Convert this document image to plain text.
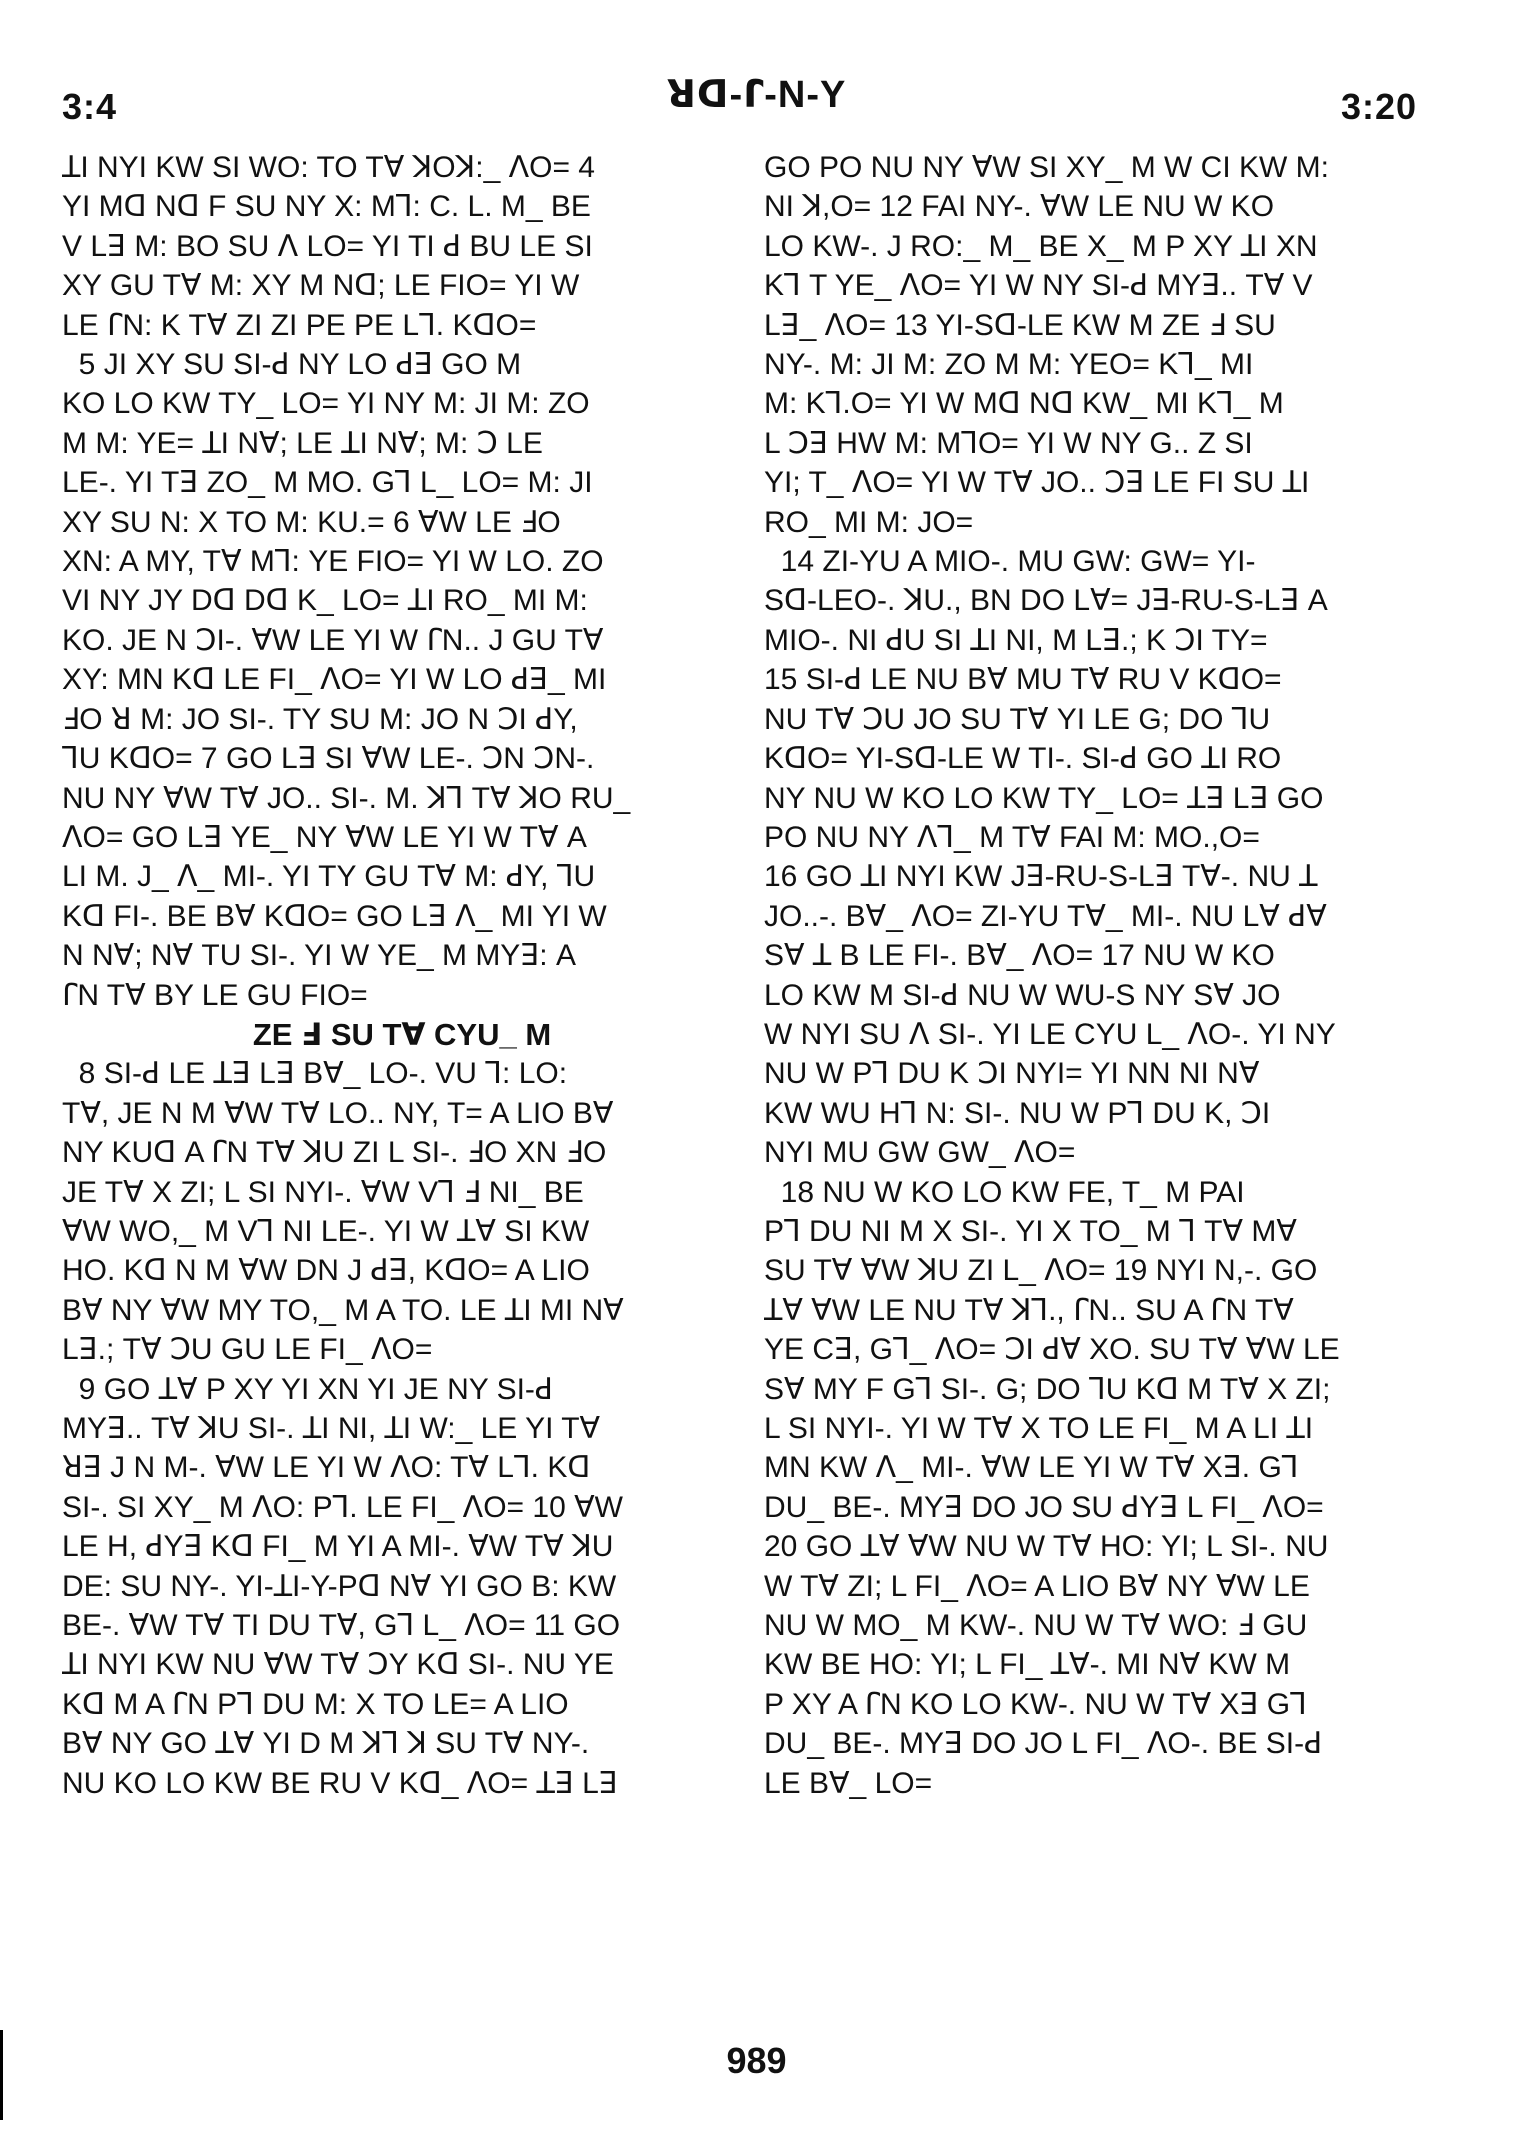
3:4	ꓤꓷ-ꓩ-N-Y	3:20

ꓕI NYI KW SI WO: TO Tꓯ ꓘOꓘ:_ ꓥO= 4

YI Mꓷ Nꓷ F SU NY X: Mꓶ: C. L. M_ BE

V Lꓱ M: BO SU ꓥ LO= YI TI ꓒ BU LE SI

XY GU Tꓯ M: XY M Nꓷ; LE FIO= YI W

LE ꓩN: K Tꓯ ZI ZI PE PE Lꓶ. KꓷO=

5 JI XY SU SI-ꓒ NY LO ꓒꓱ GO M

KO LO KW TY_ LO= YI NY M: JI M: ZO

M M: YE= ꓕI Nꓯ; LE ꓕI Nꓯ; M: Ↄ LE

LE-. YI Tꓱ ZO_ M MO. Gꓶ L_ LO= M: JI

XY SU N: X TO M: KU.= 6 ꓯW LE ꓞO

XN: A MY, Tꓯ Mꓶ: YE FIO= YI W LO. ZO

VI NY JY Dꓷ Dꓷ K_ LO= ꓕI RO_ MI M:

KO. JE N ꓛI-. ꓯW LE YI W ꓩN.. J GU Tꓯ

XY: MN Kꓷ LE FI_ ꓥO= YI W LO ꓒꓱ_ MI

ꓞO ꓤ M: JO SI-. TY SU M: JO N ꓛI ꓒY,

ꓶU KꓷO= 7 GO Lꓱ SI ꓯW LE-. ꓛN ꓛN-.

NU NY ꓯW Tꓯ JO.. SI-. M. ꓘꓶ Tꓯ ꓘO RU_

ꓥO= GO Lꓱ YE_ NY ꓯW LE YI W Tꓯ A

LI M. J_ ꓥ_ MI-. YI TY GU Tꓯ M: ꓒY, ꓶU

Kꓷ FI-. BE Bꓯ KꓷO= GO Lꓱ ꓥ_ MI YI W

N Nꓯ; Nꓯ TU SI-. YI W YE_ M MYꓱ: A

ꓩN Tꓯ BY LE GU FIO=

ZE ꓞ SU Tꓯ CYU_ M

8 SI-ꓒ LE ꓕꓱ Lꓱ Bꓯ_ LO-. VU ꓶ: LO:

Tꓯ, JE N M ꓯW Tꓯ LO.. NY, T= A LIO Bꓯ

NY KUꓷ A ꓩN Tꓯ ꓘU ZI L SI-. ꓞO XN ꓞO

JE Tꓯ X ZI; L SI NYI-. ꓯW Vꓶ ꓞ NI_ BE

ꓯW WO,_ M Vꓶ NI LE-. YI W ꓕꓯ SI KW

HO. Kꓷ N M ꓯW DN J ꓒꓱ, KꓷO= A LIO

Bꓯ NY ꓯW MY TO,_ M A TO. LE ꓕI MI Nꓯ

Lꓱ.; Tꓯ ꓛU GU LE FI_ ꓥO=

9 GO ꓕꓯ P XY YI XN YI JE NY SI-ꓒ

MYꓱ.. Tꓯ ꓘU SI-. ꓕI NI, ꓕI W:_ LE YI Tꓯ

ꓤꓱ J N M-. ꓯW LE YI W ꓥO: Tꓯ Lꓶ. Kꓷ

SI-. SI XY_ M ꓥO: Pꓶ. LE FI_ ꓥO= 10 ꓯW

LE H, ꓒYꓱ Kꓷ FI_ M YI A MI-. ꓯW Tꓯ ꓘU

DE: SU NY-. YI-ꓕI-Y-Pꓷ Nꓯ YI GO B: KW

BE-. ꓯW Tꓯ TI DU Tꓯ, Gꓶ L_ ꓥO= 11 GO

ꓕI NYI KW NU ꓯW Tꓯ ꓛY Kꓷ SI-. NU YE

Kꓷ M A ꓩN Pꓶ DU M: X TO LE= A LIO

Bꓯ NY GO ꓕꓯ YI D M ꓘꓶ ꓘ SU Tꓯ NY-.

NU KO LO KW BE RU V Kꓷ_ ꓥO= ꓕꓱ Lꓱ

GO PO NU NY ꓯW SI XY_ M W CI KW M:

NI ꓘ,O= 12 FAI NY-. ꓯW LE NU W KO

LO KW-. J RO:_ M_ BE X_ M P XY ꓕI XN

Kꓶ T YE_ ꓥO= YI W NY SI-ꓒ MYꓱ.. Tꓯ V

Lꓱ_ ꓥO= 13 YI-Sꓷ-LE KW M ZE ꓞ SU

NY-. M: JI M: ZO M M: YEO= Kꓶ_ MI

M: Kꓶ.O= YI W Mꓷ Nꓷ KW_ MI Kꓶ_ M

L ꓛꓱ HW M: MꓶO= YI W NY G.. Z SI

YI; T_ ꓥO= YI W Tꓯ JO.. ꓛꓱ LE FI SU ꓕI

RO_ MI M: JO=

14 ZI-YU A MIO-. MU GW: GW= YI-

Sꓷ-LEO-. ꓘU., BN DO Lꓯ= Jꓱ-RU-S-Lꓱ A

MIO-. NI ꓒU SI ꓕI NI, M Lꓱ.; K ꓛI TY=

15 SI-ꓒ LE NU Bꓯ MU Tꓯ RU V KꓷO=

NU Tꓯ ꓛU JO SU Tꓯ YI LE G; DO ꓶU

KꓷO= YI-Sꓷ-LE W TI-. SI-ꓒ GO ꓕI RO

NY NU W KO LO KW TY_ LO= ꓕꓱ Lꓱ GO

PO NU NY ꓥꓶ_ M Tꓯ FAI M: MO.,O=

16 GO ꓕI NYI KW Jꓱ-RU-S-Lꓱ Tꓯ-. NU ꓕ

JO..-. Bꓯ_ ꓥO= ZI-YU Tꓯ_ MI-. NU Lꓯ ꓒꓯ

Sꓯ ꓕ B LE FI-. Bꓯ_ ꓥO= 17 NU W KO

LO KW M SI-ꓒ NU W WU-S NY Sꓯ JO

W NYI SU ꓥ SI-. YI LE CYU L_ ꓥO-. YI NY

NU W Pꓶ DU K ꓛI NYI= YI NN NI Nꓯ

KW WU Hꓶ N: SI-. NU W Pꓶ DU K, ꓛI

NYI MU GW GW_ ꓥO=

18 NU W KO LO KW FE, T_ M PAI

Pꓶ DU NI M X SI-. YI X TO_ M ꓶ Tꓯ Mꓯ

SU Tꓯ ꓯW ꓘU ZI L_ ꓥO= 19 NYI N,-. GO

ꓕꓯ ꓯW LE NU Tꓯ ꓘꓶ., ꓩN.. SU A ꓩN Tꓯ

YE Cꓱ, Gꓶ_ ꓥO= ꓛI ꓒꓯ XO. SU Tꓯ ꓯW LE

Sꓯ MY F Gꓶ SI-. G; DO ꓶU Kꓷ M Tꓯ X ZI;

L SI NYI-. YI W Tꓯ X TO LE FI_ M A LI ꓕI

MN KW ꓥ_ MI-. ꓯW LE YI W Tꓯ Xꓱ. Gꓶ

DU_ BE-. MYꓱ DO JO SU ꓒYꓱ L FI_ ꓥO=

20 GO ꓕꓯ ꓯW NU W Tꓯ HO: YI; L SI-. NU

W Tꓯ ZI; L FI_ ꓥO= A LIO Bꓯ NY ꓯW LE

NU W MO_ M KW-. NU W Tꓯ WO: ꓞ GU

KW BE HO: YI; L FI_ ꓕꓯ-. MI Nꓯ KW M

P XY A ꓩN KO LO KW-. NU W Tꓯ Xꓱ Gꓶ

DU_ BE-. MYꓱ DO JO L FI_ ꓥO-. BE SI-ꓒ

LE Bꓯ_ LO=

989
